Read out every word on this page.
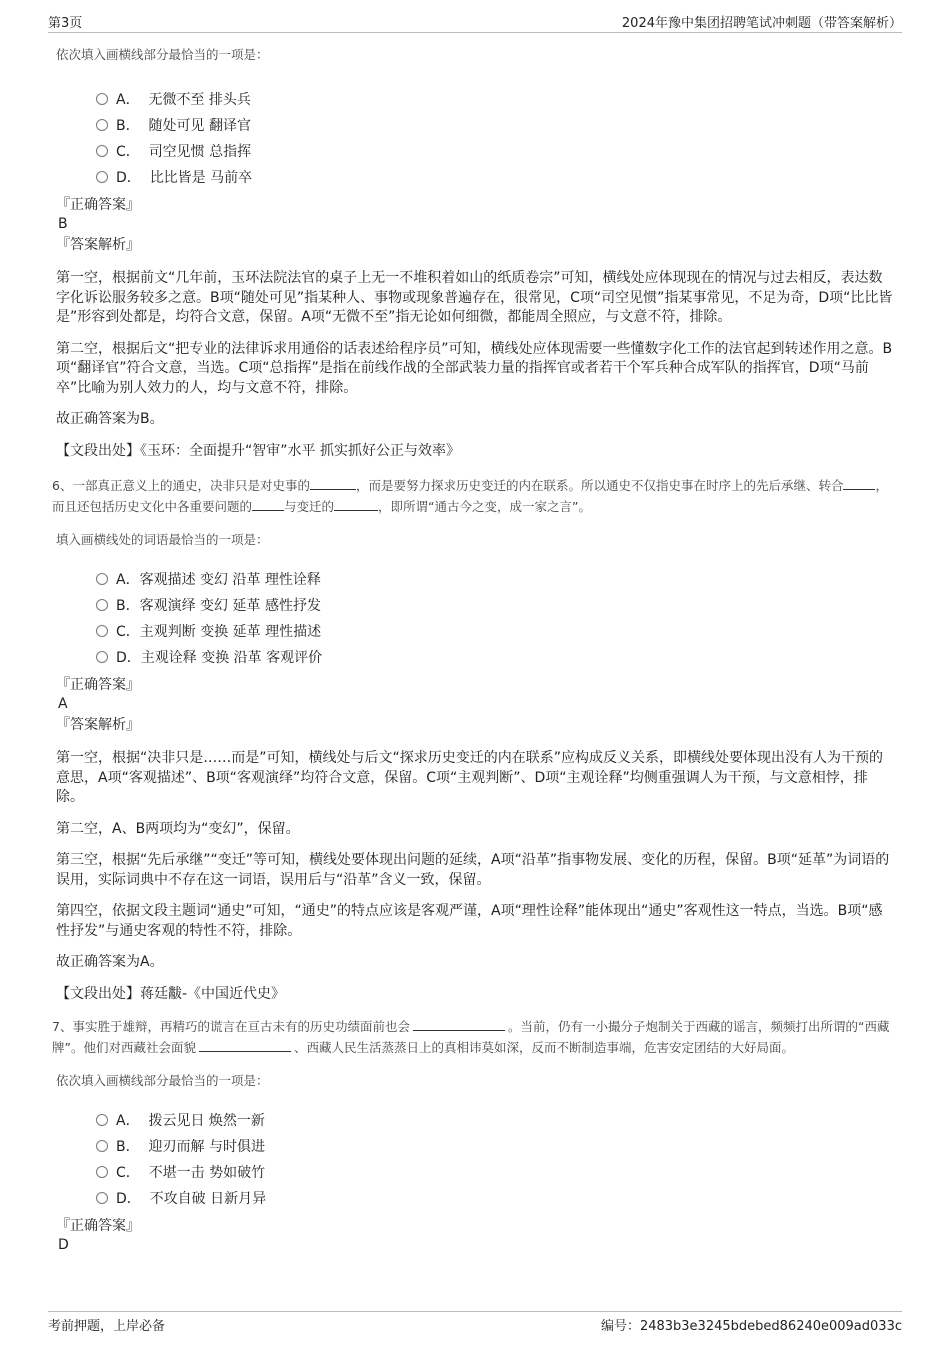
第3页	2024年豫中集团招聘笔试冲刺题（带答案解析）
依次填入画横线部分最恰当的一项是：
A．
无微不至 排头兵
B．
随处可见 翻译官
C．
司空见惯 总指挥
D．
比比皆是 马前卒
『正确答案』
B
『答案解析』
第一空，根据前文“几年前，玉环法院法官的桌子上无一不堆积着如山的纸质卷宗”可知，横线处应体现现在的情况与过去相反，表达数字化诉讼服务较多之意。B项“随处可见”指某种人、事物或现象普遍存在，很常见，C项“司空见惯”指某事常见，不足为奇，D项“比比皆是”形容到处都是，均符合文意，保留。A项“无微不至”指无论如何细微，都能周全照应，与文意不符，排除。
第二空，根据后文“把专业的法律诉求用通俗的话表述给程序员”可知，横线处应体现需要一些懂数字化工作的法官起到转述作用之意。B项“翻译官”符合文意，当选。C项“总指挥”是指在前线作战的全部武装力量的指挥官或者若干个军兵种合成军队的指挥官，D项“马前卒”比喻为别人效力的人，均与文意不符，排除。
故正确答案为B。
【文段出处】《玉环：全面提升“智审”水平 抓实抓好公正与效率》
6、一部真正意义上的通史，决非只是对史事的	，而是要努力探求历史变迁的内在联系。所以通史不仅指史事在时序上的先后承继、转合	，而且还包括历史文化中各重要问题的	与变迁的	，即所谓“通古今之变，成一家之言”。
填入画横线处的词语最恰当的一项是：
A． 客观描述 变幻 沿革 理性诠释
B． 客观演绎 变幻 延革 感性抒发
C． 主观判断 变换 延革 理性描述
D． 主观诠释 变换 沿革 客观评价
『正确答案』
A
『答案解析』
第一空，根据“决非只是……而是”可知，横线处与后文“探求历史变迁的内在联系”应构成反义关系，即横线处要体现出没有人为干预的意思，A项“客观描述”、B项“客观演绎”均符合文意，保留。C项“主观判断”、D项“主观诠释”均侧重强调人为干预，与文意相悖，排除。
第二空，A、B两项均为“变幻”，保留。
第三空，根据“先后承继”“变迁”等可知，横线处要体现出问题的延续，A项“沿革”指事物发展、变化的历程，保留。B项“延革”为词语的误用，实际词典中不存在这一词语，误用后与“沿革”含义一致，保留。
第四空，依据文段主题词“通史”可知，“通史”的特点应该是客观严谨，A项“理性诠释”能体现出“通史”客观性这一特点，当选。B项“感性抒发”与通史客观的特性不符，排除。
故正确答案为A。
【文段出处】蒋廷黻-《中国近代史》
7、事实胜于雄辩，再精巧的谎言在亘古未有的历史功绩面前也会	。当前，仍有一小撮分子炮制关于西藏的谣言，频频打出所谓的“西藏牌”。他们对西藏社会面貌	、西藏人民生活蒸蒸日上的真相讳莫如深，反而不断制造事端，危害安定团结的大好局面。
依次填入画横线部分最恰当的一项是：
A．
拨云见日 焕然一新
B．
迎刃而解 与时俱进
C．
不堪一击 势如破竹
D．
不攻自破 日新月异
『正确答案』
D
考前押题，上岸必备	编号：2483b3e3245bdebed86240e009ad033c
